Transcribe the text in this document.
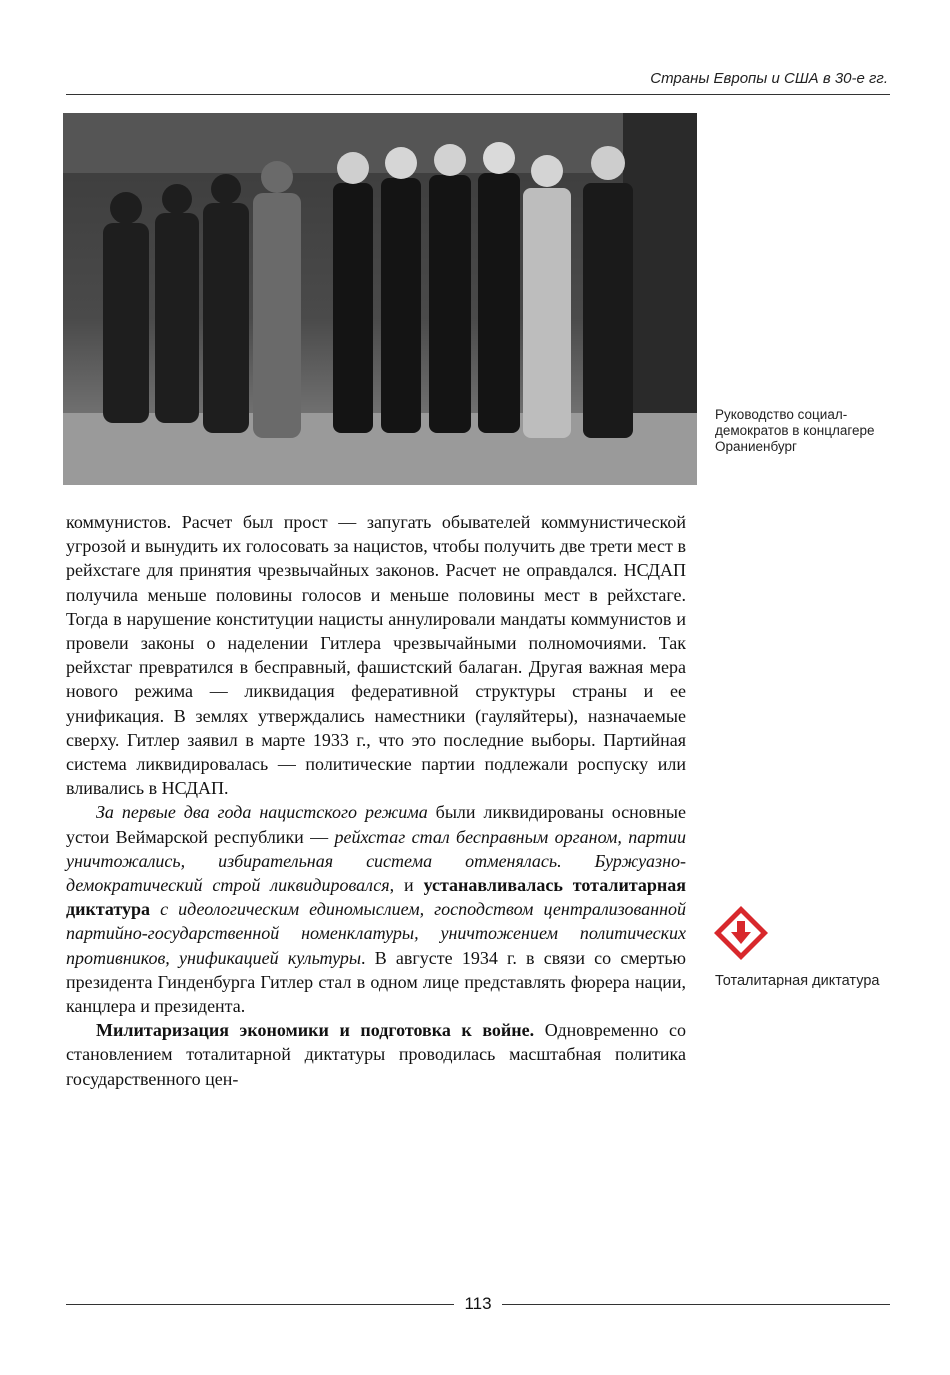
Страны Европы и США в 30-е гг.
Руководство социал-демократов в концлагере Ораниенбург

коммунистов. Расчет был прост — запугать обывателей коммунистической угрозой и вынудить их голосовать за нацистов, чтобы получить две трети мест в рейхстаге для принятия чрезвычайных законов. Расчет не оправдался. НСДАП получила меньше половины голосов и меньше половины мест в рейхстаге. Тогда в нарушение конституции нацисты аннулировали мандаты коммунистов и провели законы о наделении Гитлера чрезвычайными полномочиями. Так рейхстаг превратился в бесправный, фашистский балаган. Другая важная мера нового режима — ликвидация федеративной структуры страны и ее унификация. В землях утверждались наместники (гауляйтеры), назначаемые сверху. Гитлер заявил в марте 1933 г., что это последние выборы. Партийная система ликвидировалась — политические партии подлежали роспуску или вливались в НСДАП.

За первые два года нацистского режима были ликвидированы основные устои Веймарской республики — рейхстаг стал бесправным органом, партии уничтожались, избирательная система отменялась. Буржуазно-демократический строй ликвидировался, и устанавливалась тоталитарная диктатура с идеологическим единомыслием, господством централизованной партийно-государственной номенклатуры, уничтожением политических противников, унификацией культуры. В августе 1934 г. в связи со смертью президента Гинденбурга Гитлер стал в одном лице представлять фюрера нации, канцлера и президента.

Милитаризация экономики и подготовка к войне. Одновременно со становлением тоталитарной диктатуры проводилась масштабная политика государственного цен-

Тоталитарная диктатура
113
